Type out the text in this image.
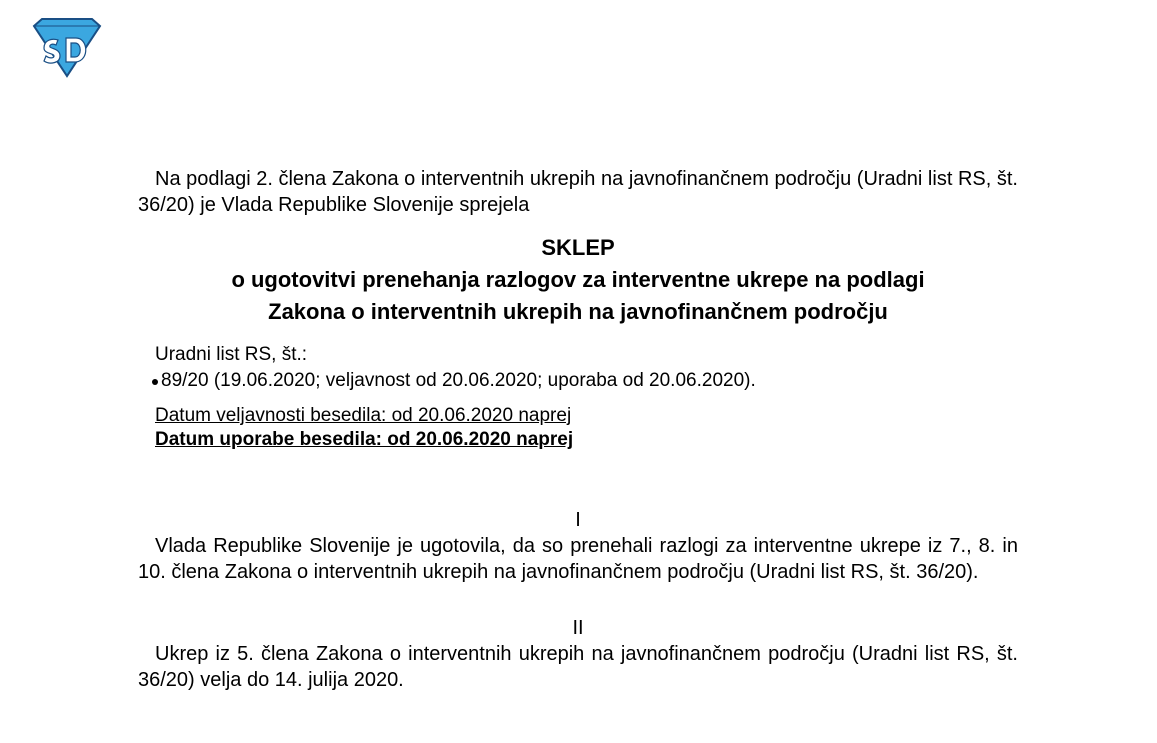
Na podlagi 2. člena Zakona o interventnih ukrepih na javnofinančnem področju (Uradni list RS, št. 36/20) je Vlada Republike Slovenije sprejela

SKLEP
o ugotovitvi prenehanja razlogov za interventne ukrepe na podlagi
Zakona o interventnih ukrepih na javnofinančnem področju
Uradni list RS, št.:
89/20 (19.06.2020; veljavnost od 20.06.2020; uporaba od 20.06.2020).
Datum veljavnosti besedila: od 20.06.2020 naprej
Datum uporabe besedila: od 20.06.2020 naprej

I

Vlada Republike Slovenije je ugotovila, da so prenehali razlogi za interventne ukrepe iz 7., 8. in 10. člena Zakona o interventnih ukrepih na javnofinančnem področju (Uradni list RS, št. 36/20).

II

Ukrep iz 5. člena Zakona o interventnih ukrepih na javnofinančnem področju (Uradni list RS, št. 36/20) velja do 14. julija 2020.
